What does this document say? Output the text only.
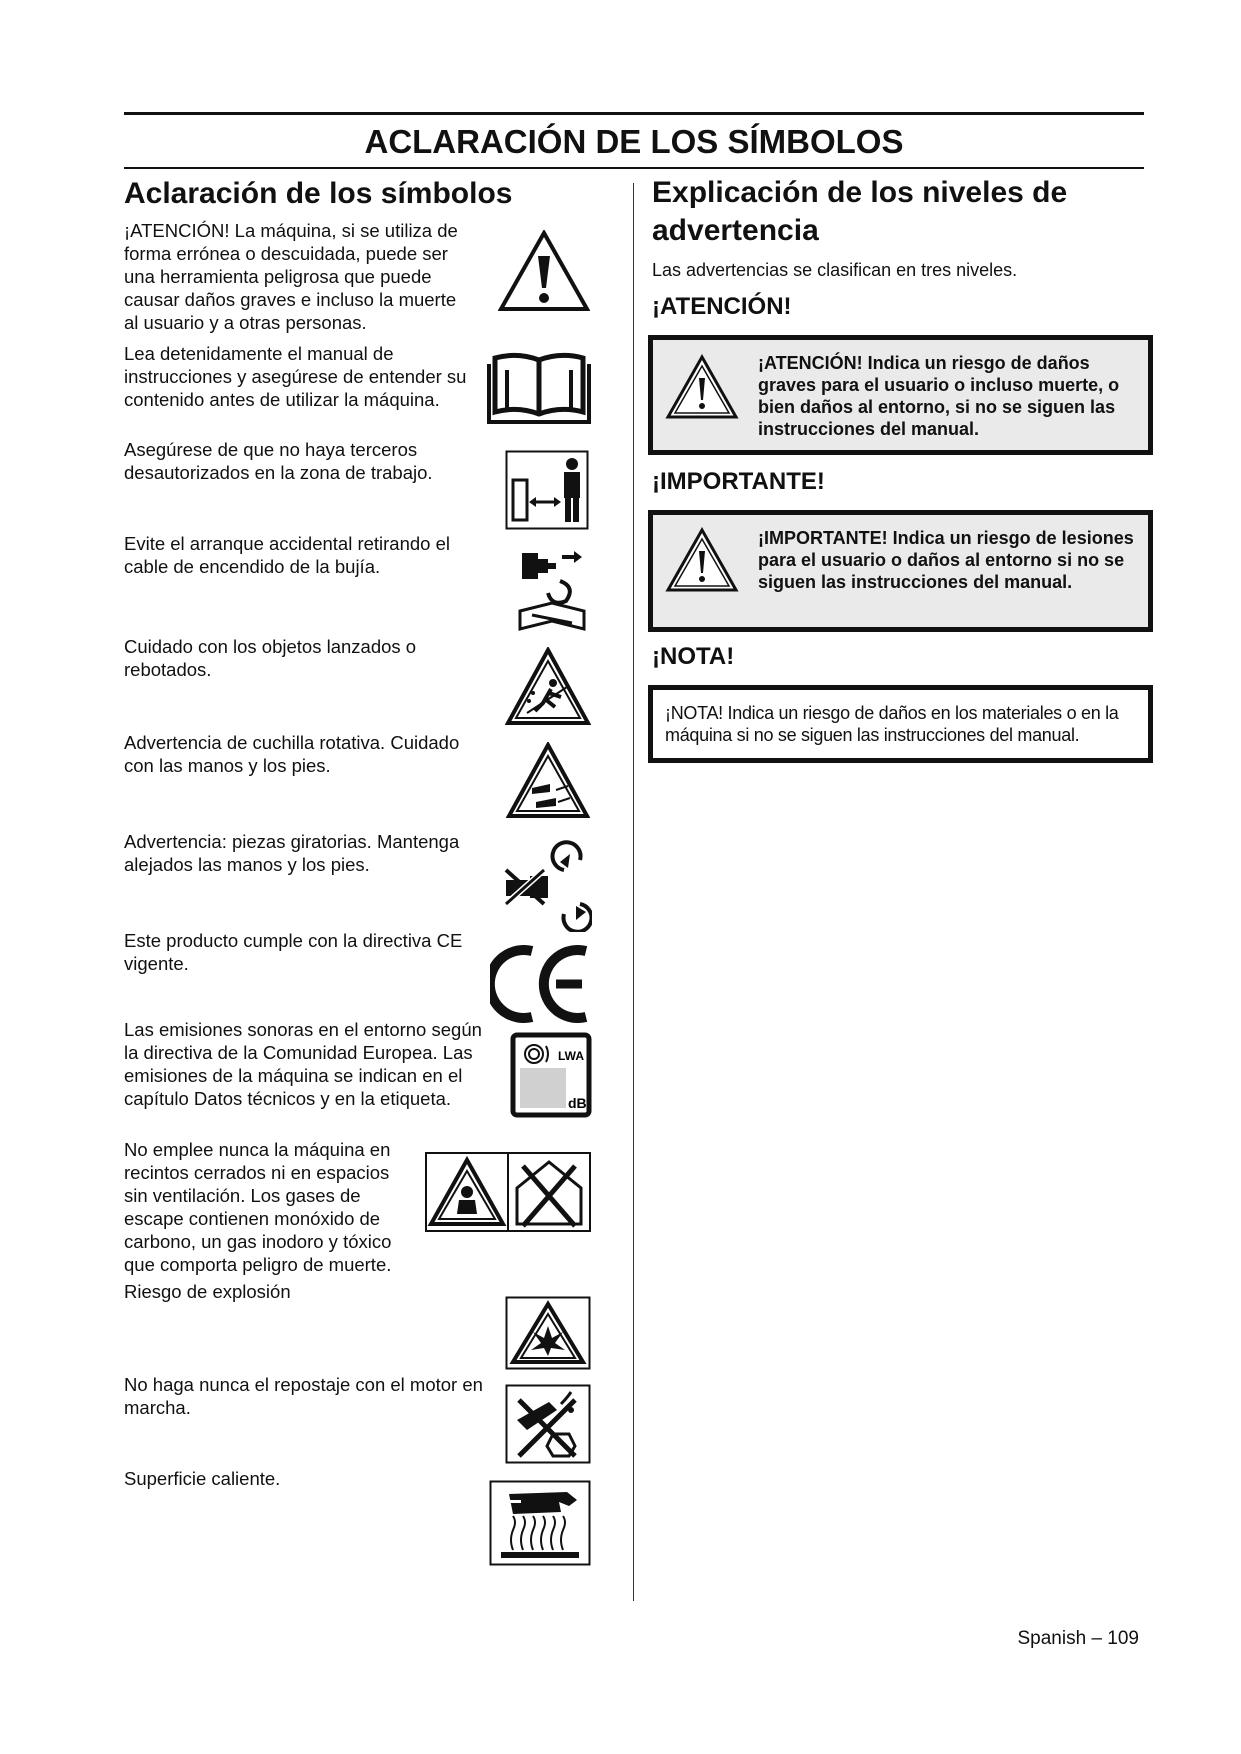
ACLARACIÓN DE LOS SÍMBOLOS
Aclaración de los símbolos
¡ATENCIÓN! La máquina, si se utiliza de forma errónea o descuidada, puede ser una herramienta peligrosa que puede causar daños graves e incluso la muerte al usuario y a otras personas.
Lea detenidamente el manual de instrucciones y asegúrese de entender su contenido antes de utilizar la máquina.
Asegúrese de que no haya terceros desautorizados en la zona de trabajo.
Evite el arranque accidental retirando el cable de encendido de la bujía.
Cuidado con los objetos lanzados o rebotados.
Advertencia de cuchilla rotativa. Cuidado con las manos y los pies.
Advertencia: piezas giratorias. Mantenga alejados las manos y los pies.
Este producto cumple con la directiva CE vigente.
Las emisiones sonoras en el entorno según la directiva de la Comunidad Europea. Las emisiones de la máquina se indican en el capítulo Datos técnicos y en la etiqueta.
LWA
dB
No emplee nunca la máquina en recintos cerrados ni en espacios sin ventilación. Los gases de escape contienen monóxido de carbono, un gas inodoro y tóxico que comporta peligro de muerte.
Riesgo de explosión
No haga nunca el repostaje con el motor en marcha.
Superficie caliente.
Explicación de los niveles de advertencia
Las advertencias se clasifican en tres niveles.
¡ATENCIÓN!
¡ATENCIÓN! Indica un riesgo de daños graves para el usuario o incluso muerte, o bien daños al entorno, si no se siguen las instrucciones del manual.
¡IMPORTANTE!
¡IMPORTANTE! Indica un riesgo de lesiones para el usuario o daños al entorno si no se siguen las instrucciones del manual.
¡NOTA!
¡NOTA! Indica un riesgo de daños en los materiales o en la máquina si no se siguen las instrucciones del manual.
Spanish – 109
